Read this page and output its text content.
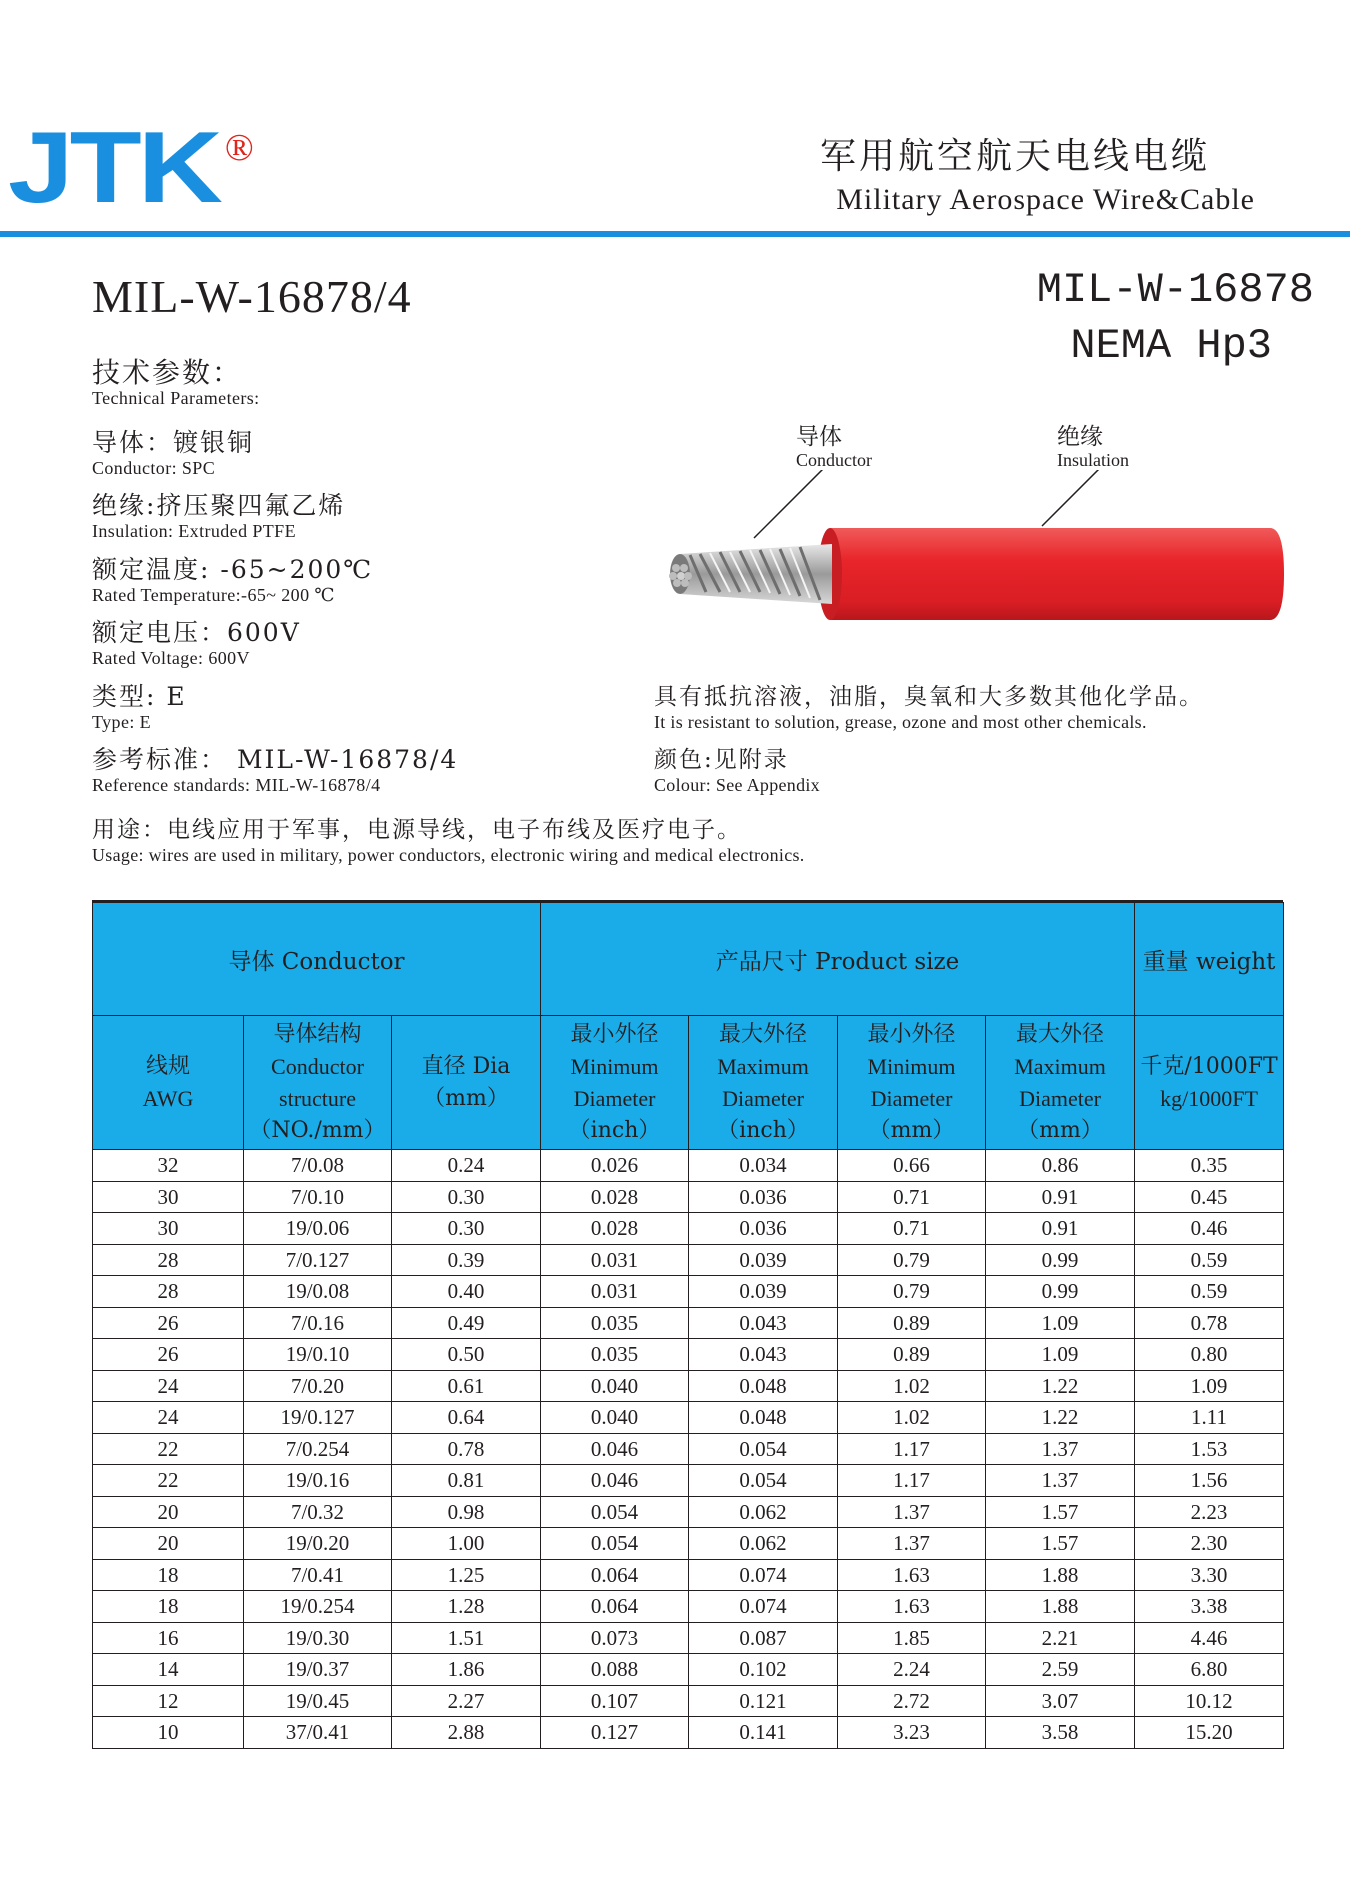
JTK ®	军用航空航天电线电缆
Military Aerospace Wire&Cable
MIL-W-16878/4	MIL-W-16878
NEMA Hp3
技术参数：
Technical Parameters:
导体：镀银铜
Conductor: SPC
绝缘:挤压聚四氟乙烯
Insulation: Extruded PTFE
额定温度: -65~200℃
Rated Temperature:-65~ 200 ℃
额定电压：600V
Rated Voltage: 600V
类型: E
Type: E
参考标准： MIL-W-16878/4
Reference standards: MIL-W-16878/4
导体
Conductor
绝缘
Insulation
具有抵抗溶液，油脂，臭氧和大多数其他化学品。
It is resistant to solution, grease, ozone and most other chemicals.
颜色:见附录
Colour: See Appendix
用途：电线应用于军事，电源导线，电子布线及医疗电子。
Usage: wires are used in military, power conductors, electronic wiring and medical electronics.
导体 Conductor			产品尺寸 Product size				重量 weight

线规
AWG	导体结构
Conductor
structure
（NO./mm）	直径 Dia
（mm）	最小外径
Minimum
Diameter
（inch）	最大外径
Maximum
Diameter
（inch）	最小外径
Minimum
Diameter
（mm）	最大外径
Maximum
Diameter
（mm）	千克/1000FT
kg/1000FT

32	7/0.08	0.24	0.026	0.034	0.66	0.86	0.35
30	7/0.10	0.30	0.028	0.036	0.71	0.91	0.45
30	19/0.06	0.30	0.028	0.036	0.71	0.91	0.46
28	7/0.127	0.39	0.031	0.039	0.79	0.99	0.59
28	19/0.08	0.40	0.031	0.039	0.79	0.99	0.59
26	7/0.16	0.49	0.035	0.043	0.89	1.09	0.78
26	19/0.10	0.50	0.035	0.043	0.89	1.09	0.80
24	7/0.20	0.61	0.040	0.048	1.02	1.22	1.09
24	19/0.127	0.64	0.040	0.048	1.02	1.22	1.11
22	7/0.254	0.78	0.046	0.054	1.17	1.37	1.53
22	19/0.16	0.81	0.046	0.054	1.17	1.37	1.56
20	7/0.32	0.98	0.054	0.062	1.37	1.57	2.23
20	19/0.20	1.00	0.054	0.062	1.37	1.57	2.30
18	7/0.41	1.25	0.064	0.074	1.63	1.88	3.30
18	19/0.254	1.28	0.064	0.074	1.63	1.88	3.38
16	19/0.30	1.51	0.073	0.087	1.85	2.21	4.46
14	19/0.37	1.86	0.088	0.102	2.24	2.59	6.80
12	19/0.45	2.27	0.107	0.121	2.72	3.07	10.12
10	37/0.41	2.88	0.127	0.141	3.23	3.58	15.20
